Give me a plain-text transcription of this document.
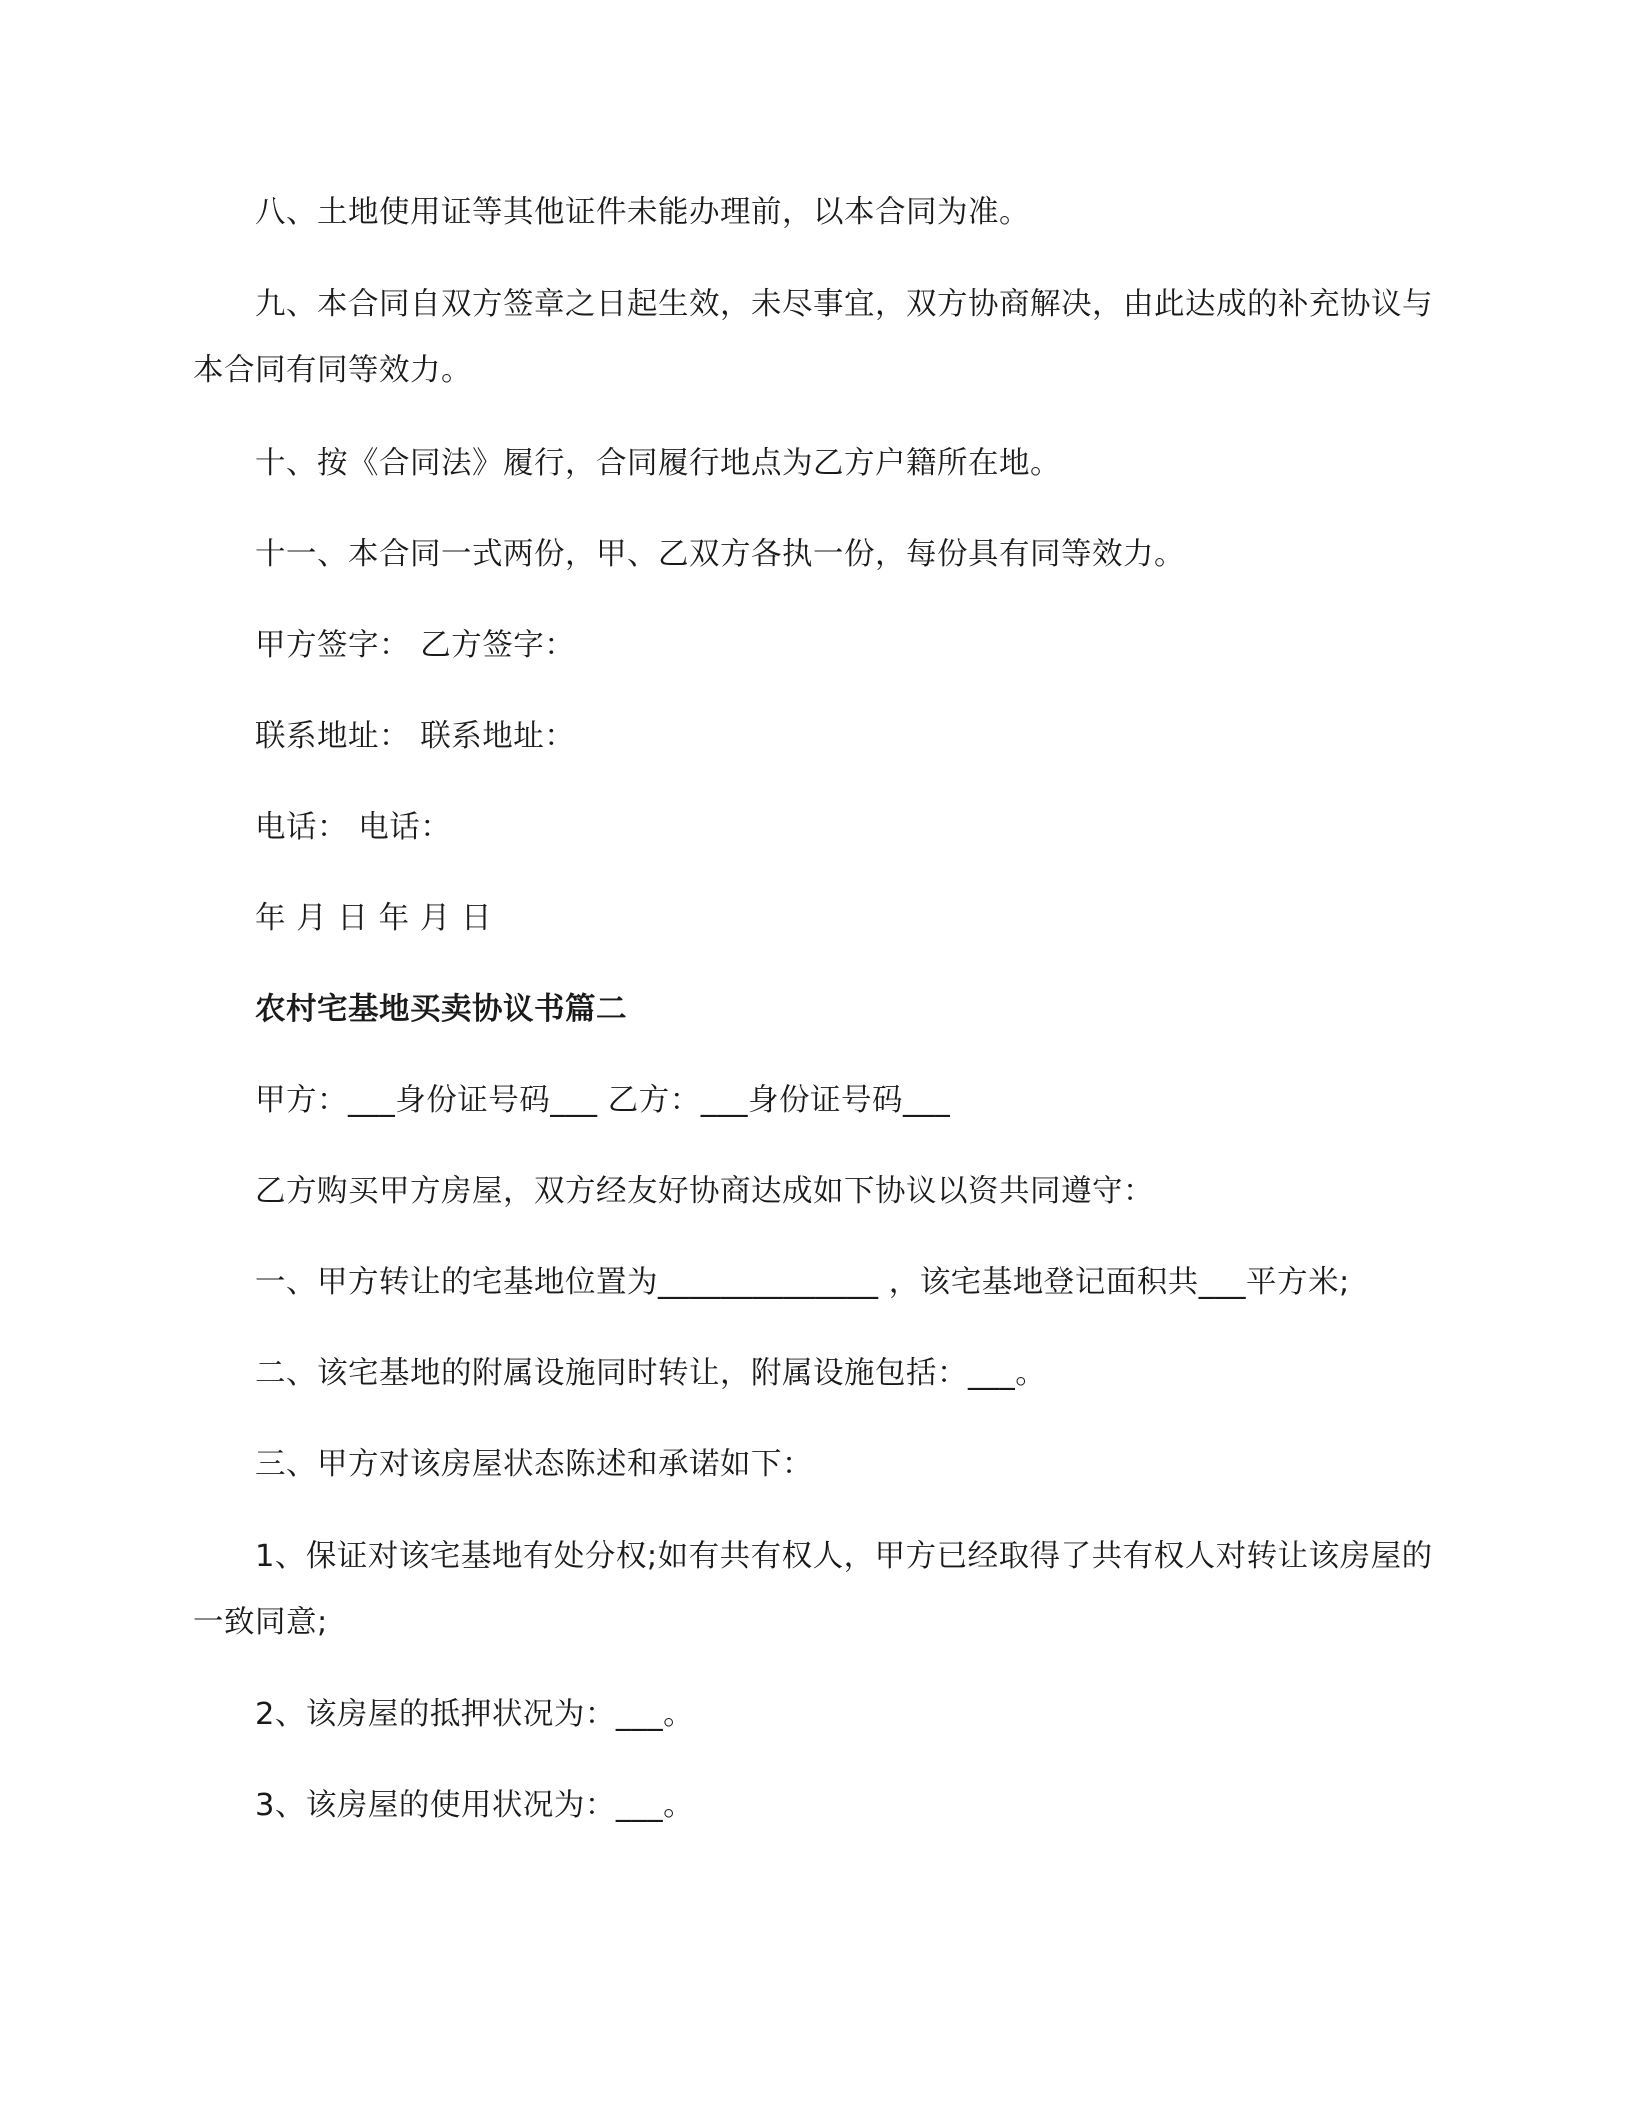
八、土地使用证等其他证件未能办理前，以本合同为准。

九、本合同自双方签章之日起生效，未尽事宜，双方协商解决，由此达成的补充协议与本合同有同等效力。

十、按《合同法》履行，合同履行地点为乙方户籍所在地。

十一、本合同一式两份，甲、乙双方各执一份，每份具有同等效力。

甲方签字： 乙方签字：

联系地址： 联系地址：

电话： 电话：

年 月 日 年 月 日

农村宅基地买卖协议书篇二

甲方：___身份证号码___ 乙方：___身份证号码___

乙方购买甲方房屋，双方经友好协商达成如下协议以资共同遵守：

一、甲方转让的宅基地位置为______________ ，该宅基地登记面积共___平方米;

二、该宅基地的附属设施同时转让，附属设施包括：___。

三、甲方对该房屋状态陈述和承诺如下：

1、保证对该宅基地有处分权;如有共有权人，甲方已经取得了共有权人对转让该房屋的一致同意;

2、该房屋的抵押状况为：___。

3、该房屋的使用状况为：___。
